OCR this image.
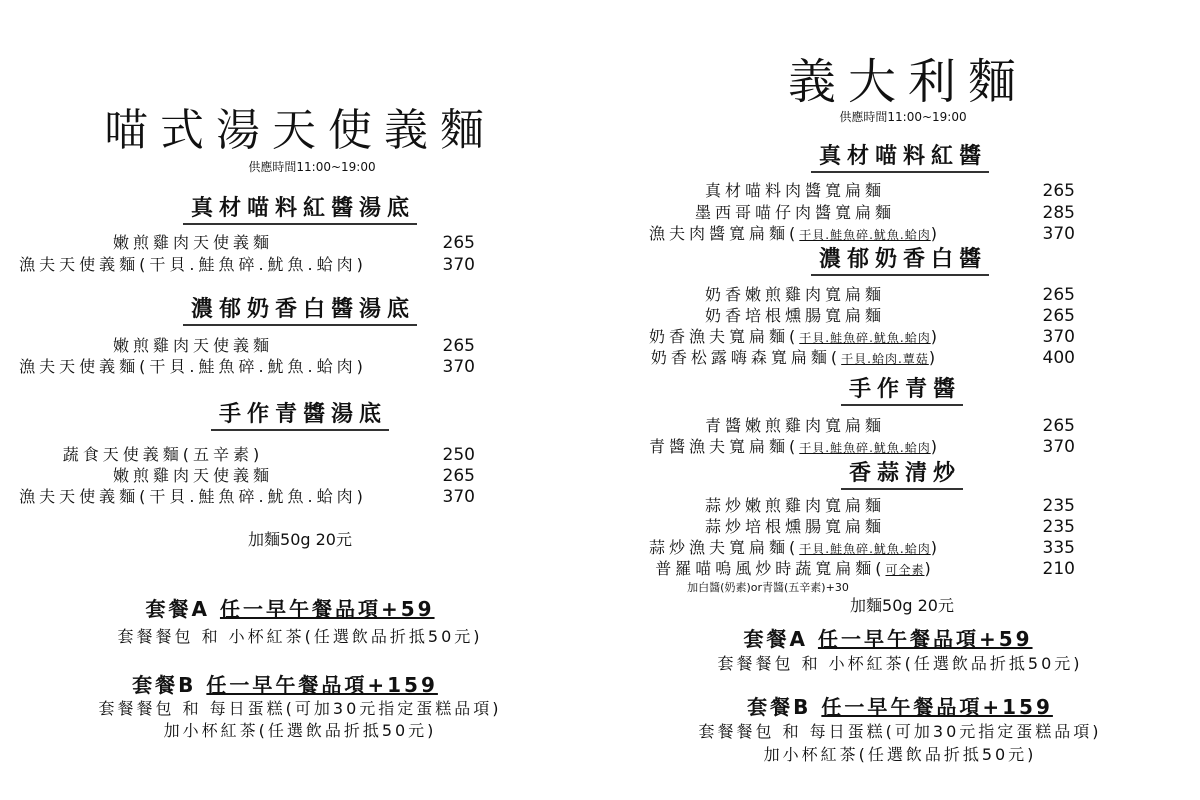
喵式湯天使義麵
供應時間11:00~19:00
真材喵料紅醬湯底
嫩煎雞肉天使義麵	265
漁夫天使義麵(干貝.鮭魚碎.魷魚.蛤肉)	370
濃郁奶香白醬湯底
嫩煎雞肉天使義麵	265
漁夫天使義麵(干貝.鮭魚碎.魷魚.蛤肉)	370
手作青醬湯底
蔬食天使義麵(五辛素)	250
嫩煎雞肉天使義麵	265
漁夫天使義麵(干貝.鮭魚碎.魷魚.蛤肉)	370
加麵50g 20元
套餐A 任一早午餐品項+59
套餐餐包 和 小杯紅茶(任選飲品折抵50元)
套餐B 任一早午餐品項+159
套餐餐包 和 每日蛋糕(可加30元指定蛋糕品項)
加小杯紅茶(任選飲品折抵50元)
義大利麵
供應時間11:00~19:00
真材喵料紅醬
真材喵料肉醬寬扁麵	265
墨西哥喵仔肉醬寬扁麵	285
漁夫肉醬寬扁麵(干貝.鮭魚碎.魷魚.蛤肉)	370
濃郁奶香白醬
奶香嫩煎雞肉寬扁麵	265
奶香培根燻腸寬扁麵	265
奶香漁夫寬扁麵(干貝.鮭魚碎.魷魚.蛤肉)	370
奶香松露嗨森寬扁麵(干貝.蛤肉.蕈菇)	400
手作青醬
青醬嫩煎雞肉寬扁麵	265
青醬漁夫寬扁麵(干貝.鮭魚碎.魷魚.蛤肉)	370
香蒜清炒
蒜炒嫩煎雞肉寬扁麵	235
蒜炒培根燻腸寬扁麵	235
蒜炒漁夫寬扁麵(干貝.鮭魚碎.魷魚.蛤肉)	335
普羅喵嗚風炒時蔬寬扁麵(可全素)	210
加白醬(奶素)or青醬(五辛素)+30
加麵50g 20元
套餐A 任一早午餐品項+59
套餐餐包 和 小杯紅茶(任選飲品折抵50元)
套餐B 任一早午餐品項+159
套餐餐包 和 每日蛋糕(可加30元指定蛋糕品項)
加小杯紅茶(任選飲品折抵50元)
